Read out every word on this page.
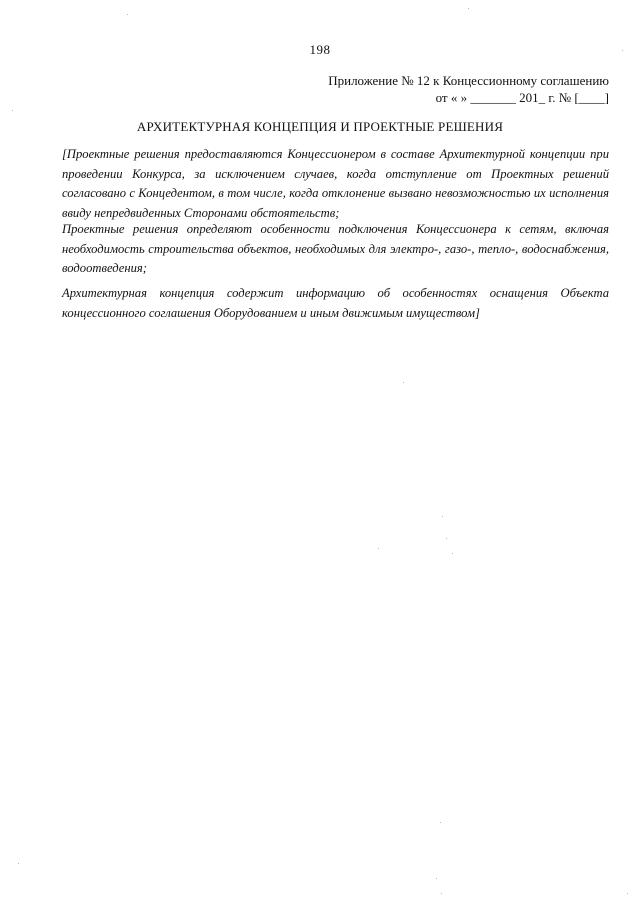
198
Приложение № 12 к Концессионному соглашению
от « » _______ 201_ г. № [____]
АРХИТЕКТУРНАЯ КОНЦЕПЦИЯ И ПРОЕКТНЫЕ РЕШЕНИЯ
[Проектные решения предоставляются Концессионером в составе Архитектурной концепции при проведении Конкурса, за исключением случаев, когда отступление от Проектных решений согласовано с Концедентом, в том числе, когда отклонение вызвано невозможностью их исполнения ввиду непредвиденных Сторонами обстоятельств;
Проектные решения определяют особенности подключения Концессионера к сетям, включая необходимость строительства объектов, необходимых для электро-, газо-, тепло-, водоснабжения, водоотведения;
Архитектурная концепция содержит информацию об особенностях оснащения Объекта концессионного соглашения Оборудованием и иным движимым имуществом]
